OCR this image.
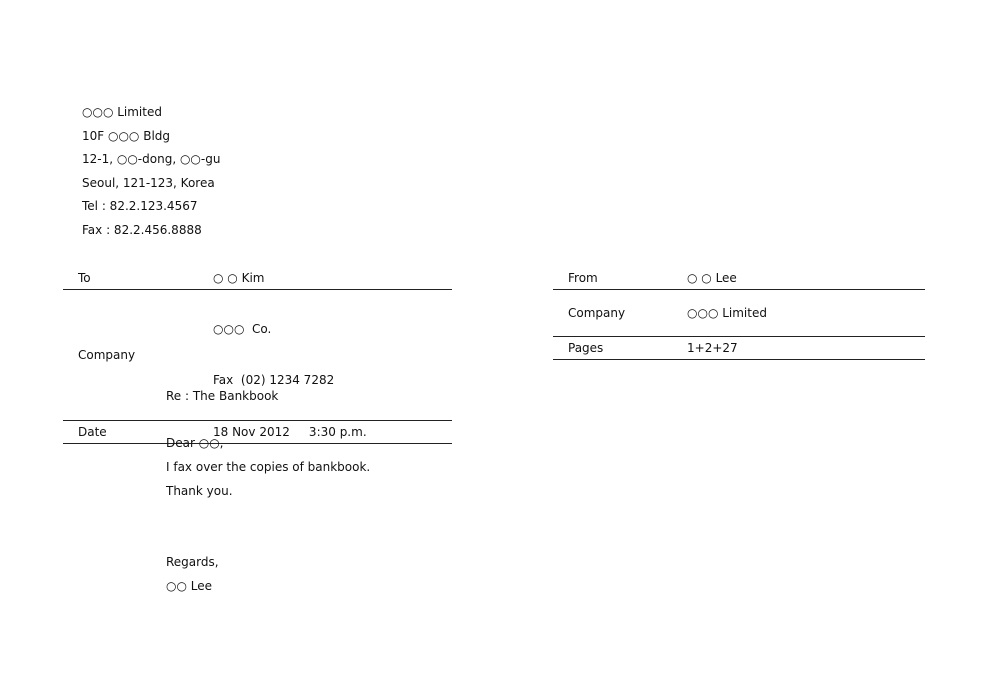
○○○ Limited
10F ○○○ Bldg
12-1, ○○-dong, ○○-gu
Seoul, 121-123, Korea
Tel : 82.2.123.4567
Fax : 82.2.456.8888
To	○ ○ Kim
Company	○○○  Co.

Fax  (02) 1234 7282

Date	18 Nov 2012     3:30 p.m.
From	○ ○ Lee
Company	○○○ Limited
Pages	1+2+27
Re : The Bankbook
Dear ○○,
I fax over the copies of bankbook.
Thank you.
Regards,
○○ Lee
